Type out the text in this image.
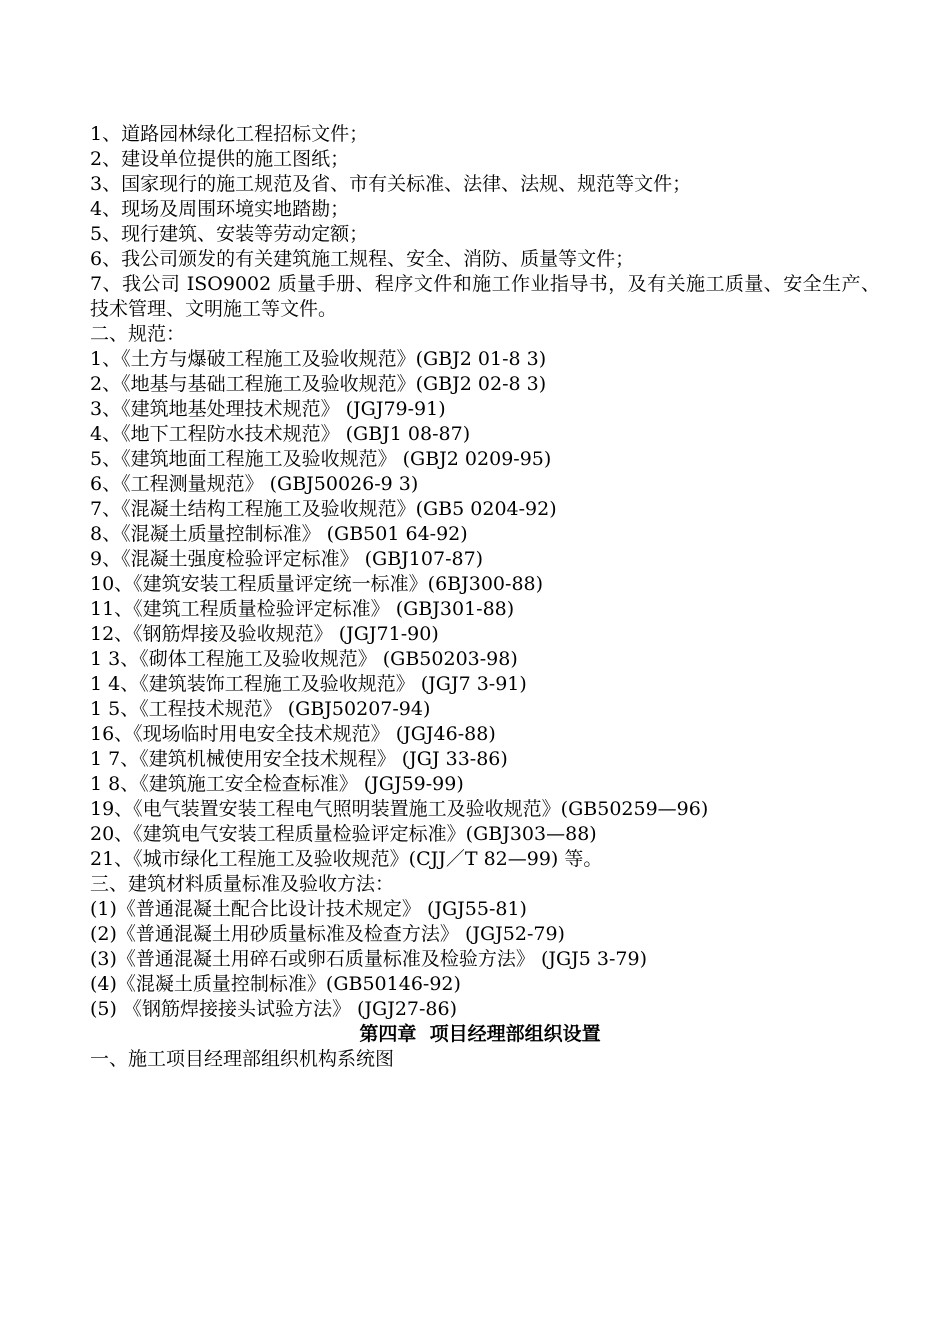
1、道路园林绿化工程招标文件；
2、建设单位提供的施工图纸；
3、国家现行的施工规范及省、市有关标准、法律、法规、规范等文件；
4、现场及周围环境实地踏勘；
5、现行建筑、安装等劳动定额；
6、我公司颁发的有关建筑施工规程、安全、消防、质量等文件；
7、我公司 ISO9002 质量手册、程序文件和施工作业指导书，及有关施工质量、安全生产、技术管理、文明施工等文件。
二、规范：
1、《土方与爆破工程施工及验收规范》(GBJ2 01-8 3)
2、《地基与基础工程施工及验收规范》(GBJ2 02-8 3)
3、《建筑地基处理技术规范》 (JGJ79-91)
4、《地下工程防水技术规范》 (GBJ1 08-87)
5、《建筑地面工程施工及验收规范》 (GBJ2 0209-95)
6、《工程测量规范》 (GBJ50026-9 3)
7、《混凝土结构工程施工及验收规范》(GB5 0204-92)
8、《混凝土质量控制标准》 (GB501 64-92)
9、《混凝土强度检验评定标准》 (GBJ107-87)
10、《建筑安装工程质量评定统一标准》(6BJ300-88)
11、《建筑工程质量检验评定标准》 (GBJ301-88)
12、《钢筋焊接及验收规范》 (JGJ71-90)
1 3、《砌体工程施工及验收规范》 (GB50203-98)
1 4、《建筑装饰工程施工及验收规范》 (JGJ7 3-91)
1 5、《工程技术规范》 (GBJ50207-94)
16、《现场临时用电安全技术规范》 (JGJ46-88)
1 7、《建筑机械使用安全技术规程》 (JGJ 33-86)
1 8、《建筑施工安全检查标准》 (JGJ59-99)
19、《电气装置安装工程电气照明装置施工及验收规范》(GB50259—96)
20、《建筑电气安装工程质量检验评定标准》(GBJ303—88)
21、《城市绿化工程施工及验收规范》(CJJ／T 82—99) 等。
三、建筑材料质量标准及验收方法：
(1)《普通混凝土配合比设计技术规定》 (JGJ55-81)
(2)《普通混凝土用砂质量标准及检查方法》 (JGJ52-79)
(3)《普通混凝土用碎石或卵石质量标准及检验方法》 (JGJ5 3-79)
(4)《混凝土质量控制标准》(GB50146-92)
(5) 《钢筋焊接接头试验方法》 (JGJ27-86)
第四章  项目经理部组织设置
一、施工项目经理部组织机构系统图
